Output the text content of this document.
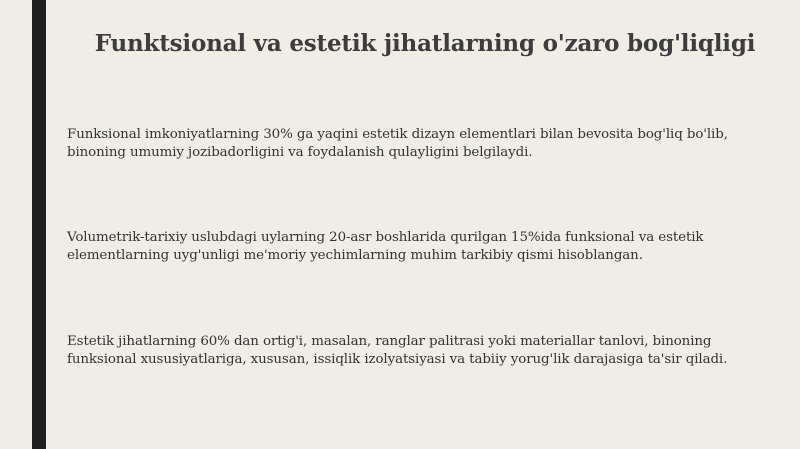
Funktsional va estetik jihatlarning o'zaro bog'liqligi
Funksional imkoniyatlarning 30% ga yaqini estetik dizayn elementlari bilan bevosita bog'liq bo'lib, binoning umumiy jozibadorligini va foydalanish qulayligini belgilaydi.
Volumetrik-tarixiy uslubdagi uylarning 20-asr boshlarida qurilgan 15%ida funksional va estetik elementlarning uyg'unligi me'moriy yechimlarning muhim tarkibiy qismi hisoblangan.
Estetik jihatlarning 60% dan ortig'i, masalan, ranglar palitrasi yoki materiallar tanlovi, binoning funksional xususiyatlariga, xususan, issiqlik izolyatsiyasi va tabiiy yorug'lik darajasiga ta'sir qiladi.
